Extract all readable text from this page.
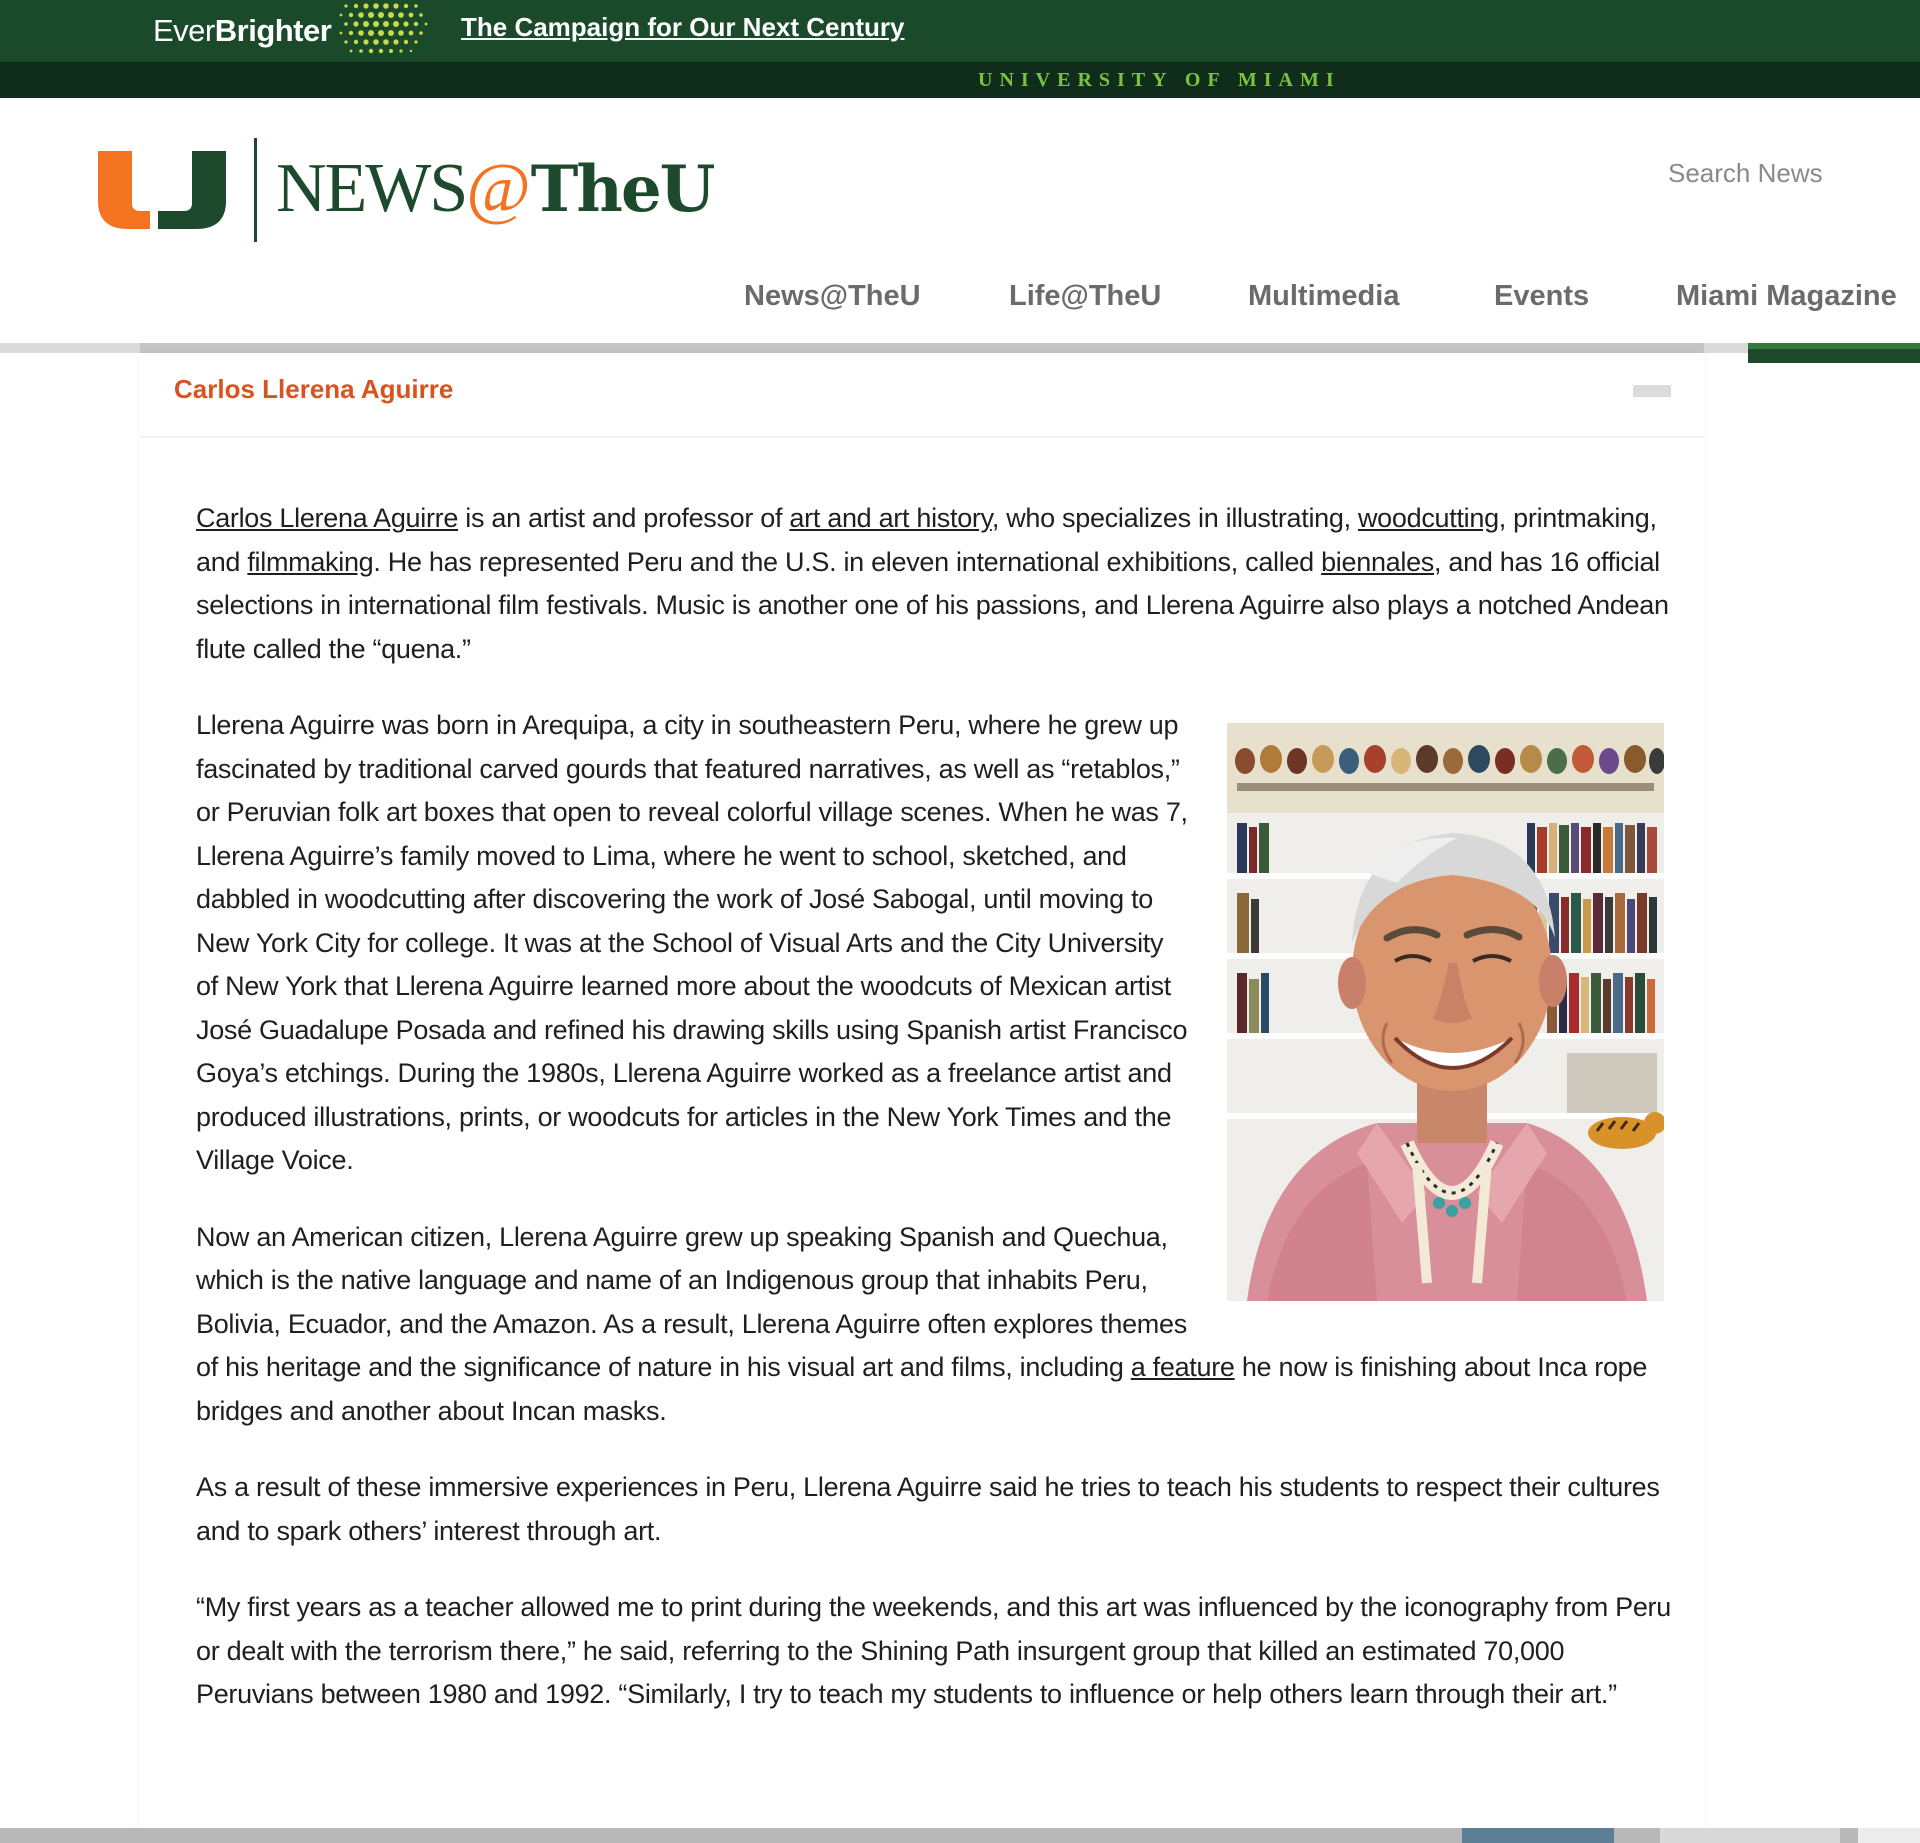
EverBrighter	The Campaign for Our Next Century
UNIVERSITY OF MIAMI
NEWS@TheU
Search News
News@TheU	Life@TheU	Multimedia	Events	Miami Magazine
Carlos Llerena Aguirre

Carlos Llerena Aguirre is an artist and professor of art and art history, who specializes in illustrating, woodcutting, printmaking, and filmmaking. He has represented Peru and the U.S. in eleven international exhibitions, called biennales, and has 16 official selections in international film festivals. Music is another one of his passions, and Llerena Aguirre also plays a notched Andean flute called the “quena.”

Llerena Aguirre was born in Arequipa, a city in southeastern Peru, where he grew up fascinated by traditional carved gourds that featured narratives, as well as “retablos,” or Peruvian folk art boxes that open to reveal colorful village scenes. When he was 7, Llerena Aguirre’s family moved to Lima, where he went to school, sketched, and dabbled in woodcutting after discovering the work of José Sabogal, until moving to New York City for college. It was at the School of Visual Arts and the City University of New York that Llerena Aguirre learned more about the woodcuts of Mexican artist José Guadalupe Posada and refined his drawing skills using Spanish artist Francisco Goya’s etchings. During the 1980s, Llerena Aguirre worked as a freelance artist and produced illustrations, prints, or woodcuts for articles in the New York Times and the Village Voice.

Now an American citizen, Llerena Aguirre grew up speaking Spanish and Quechua, which is the native language and name of an Indigenous group that inhabits Peru, Bolivia, Ecuador, and the Amazon. As a result, Llerena Aguirre often explores themes of his heritage and the significance of nature in his visual art and films, including a feature he now is finishing about Inca rope bridges and another about Incan masks.

As a result of these immersive experiences in Peru, Llerena Aguirre said he tries to teach his students to respect their cultures and to spark others’ interest through art.

“My first years as a teacher allowed me to print during the weekends, and this art was influenced by the iconography from Peru or dealt with the terrorism there,” he said, referring to the Shining Path insurgent group that killed an estimated 70,000 Peruvians between 1980 and 1992. “Similarly, I try to teach my students to influence or help others learn through their art.”
